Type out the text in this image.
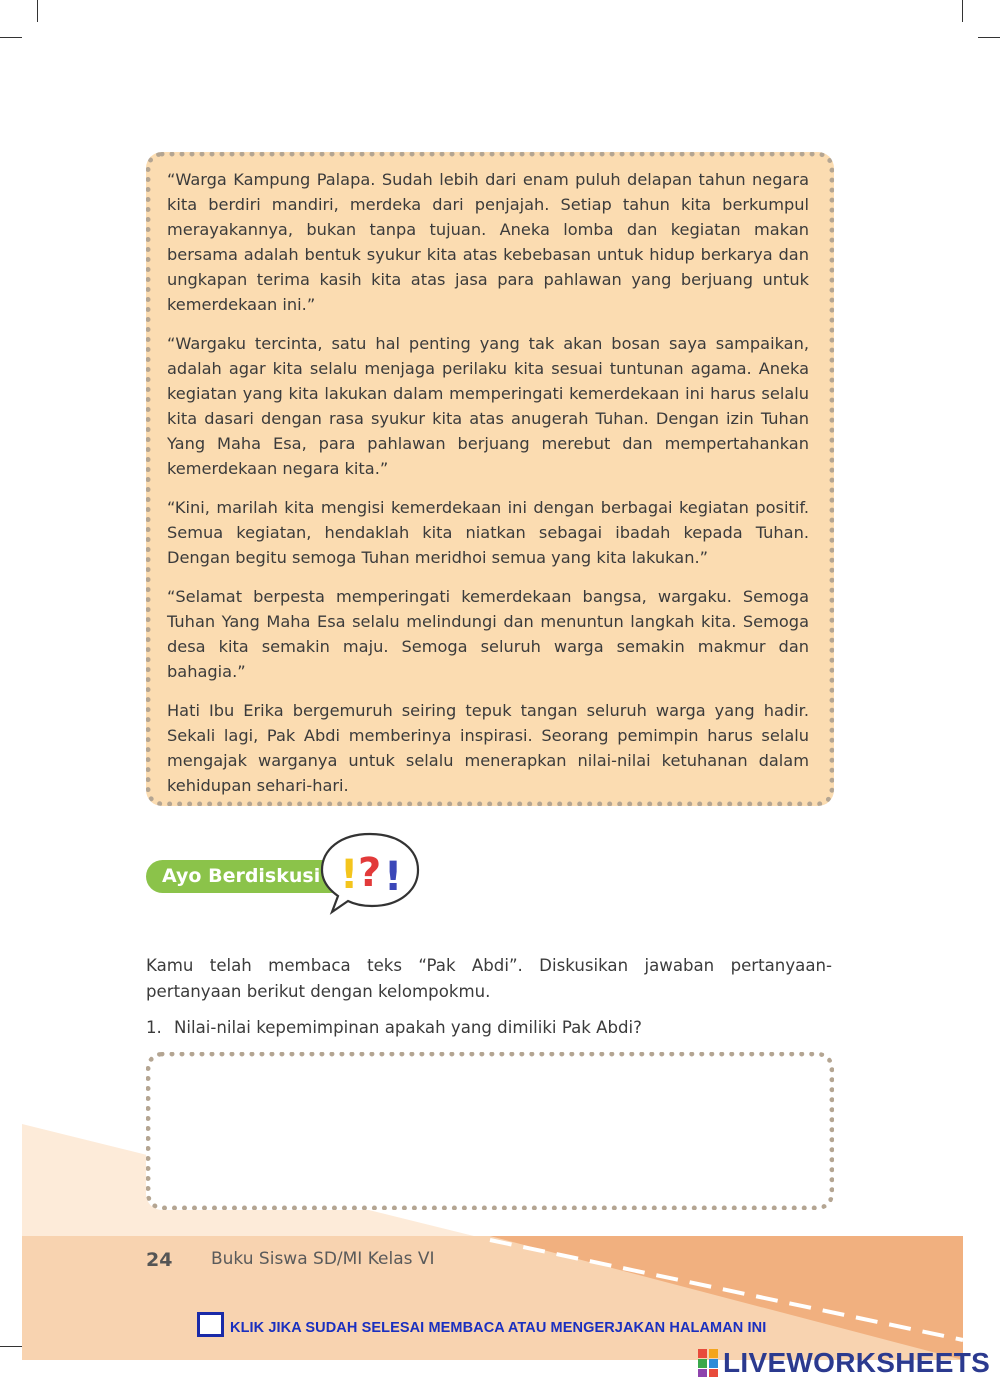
“Warga Kampung Palapa. Sudah lebih dari enam puluh delapan tahun negara kita berdiri mandiri, merdeka dari penjajah. Setiap tahun kita berkumpul merayakannya, bukan tanpa tujuan. Aneka lomba dan kegiatan makan bersama adalah bentuk syukur kita atas kebebasan untuk hidup berkarya dan ungkapan terima kasih kita atas jasa para pahlawan yang berjuang untuk kemerdekaan ini.”

“Wargaku tercinta, satu hal penting yang tak akan bosan saya sampaikan, adalah agar kita selalu menjaga perilaku kita sesuai tuntunan agama. Aneka kegiatan yang kita lakukan dalam memperingati kemerdekaan ini harus selalu kita dasari dengan rasa syukur kita atas anugerah Tuhan. Dengan izin Tuhan Yang Maha Esa, para pahlawan berjuang merebut dan mempertahankan kemerdekaan negara kita.”

“Kini, marilah kita mengisi kemerdekaan ini dengan berbagai kegiatan positif. Semua kegiatan, hendaklah kita niatkan sebagai ibadah kepada Tuhan. Dengan begitu semoga Tuhan meridhoi semua yang kita lakukan.”

“Selamat berpesta memperingati kemerdekaan bangsa, wargaku. Semoga Tuhan Yang Maha Esa selalu melindungi dan menuntun langkah kita. Semoga desa kita semakin maju. Semoga seluruh warga semakin makmur dan bahagia.”

Hati Ibu Erika bergemuruh seiring tepuk tangan seluruh warga yang hadir. Sekali lagi, Pak Abdi memberinya inspirasi. Seorang pemimpin harus selalu mengajak warganya untuk selalu menerapkan nilai-nilai ketuhanan dalam kehidupan sehari-hari.

Ayo Berdiskusi ! ? !
Kamu telah membaca teks “Pak Abdi”. Diskusikan jawaban pertanyaan-pertanyaan berikut dengan kelompokmu.
1. Nilai-nilai kepemimpinan apakah yang dimiliki Pak Abdi?
24 Buku Siswa SD/MI Kelas VI
KLIK JIKA SUDAH SELESAI MEMBACA ATAU MENGERJAKAN HALAMAN INI
LIVEWORKSHEETS
